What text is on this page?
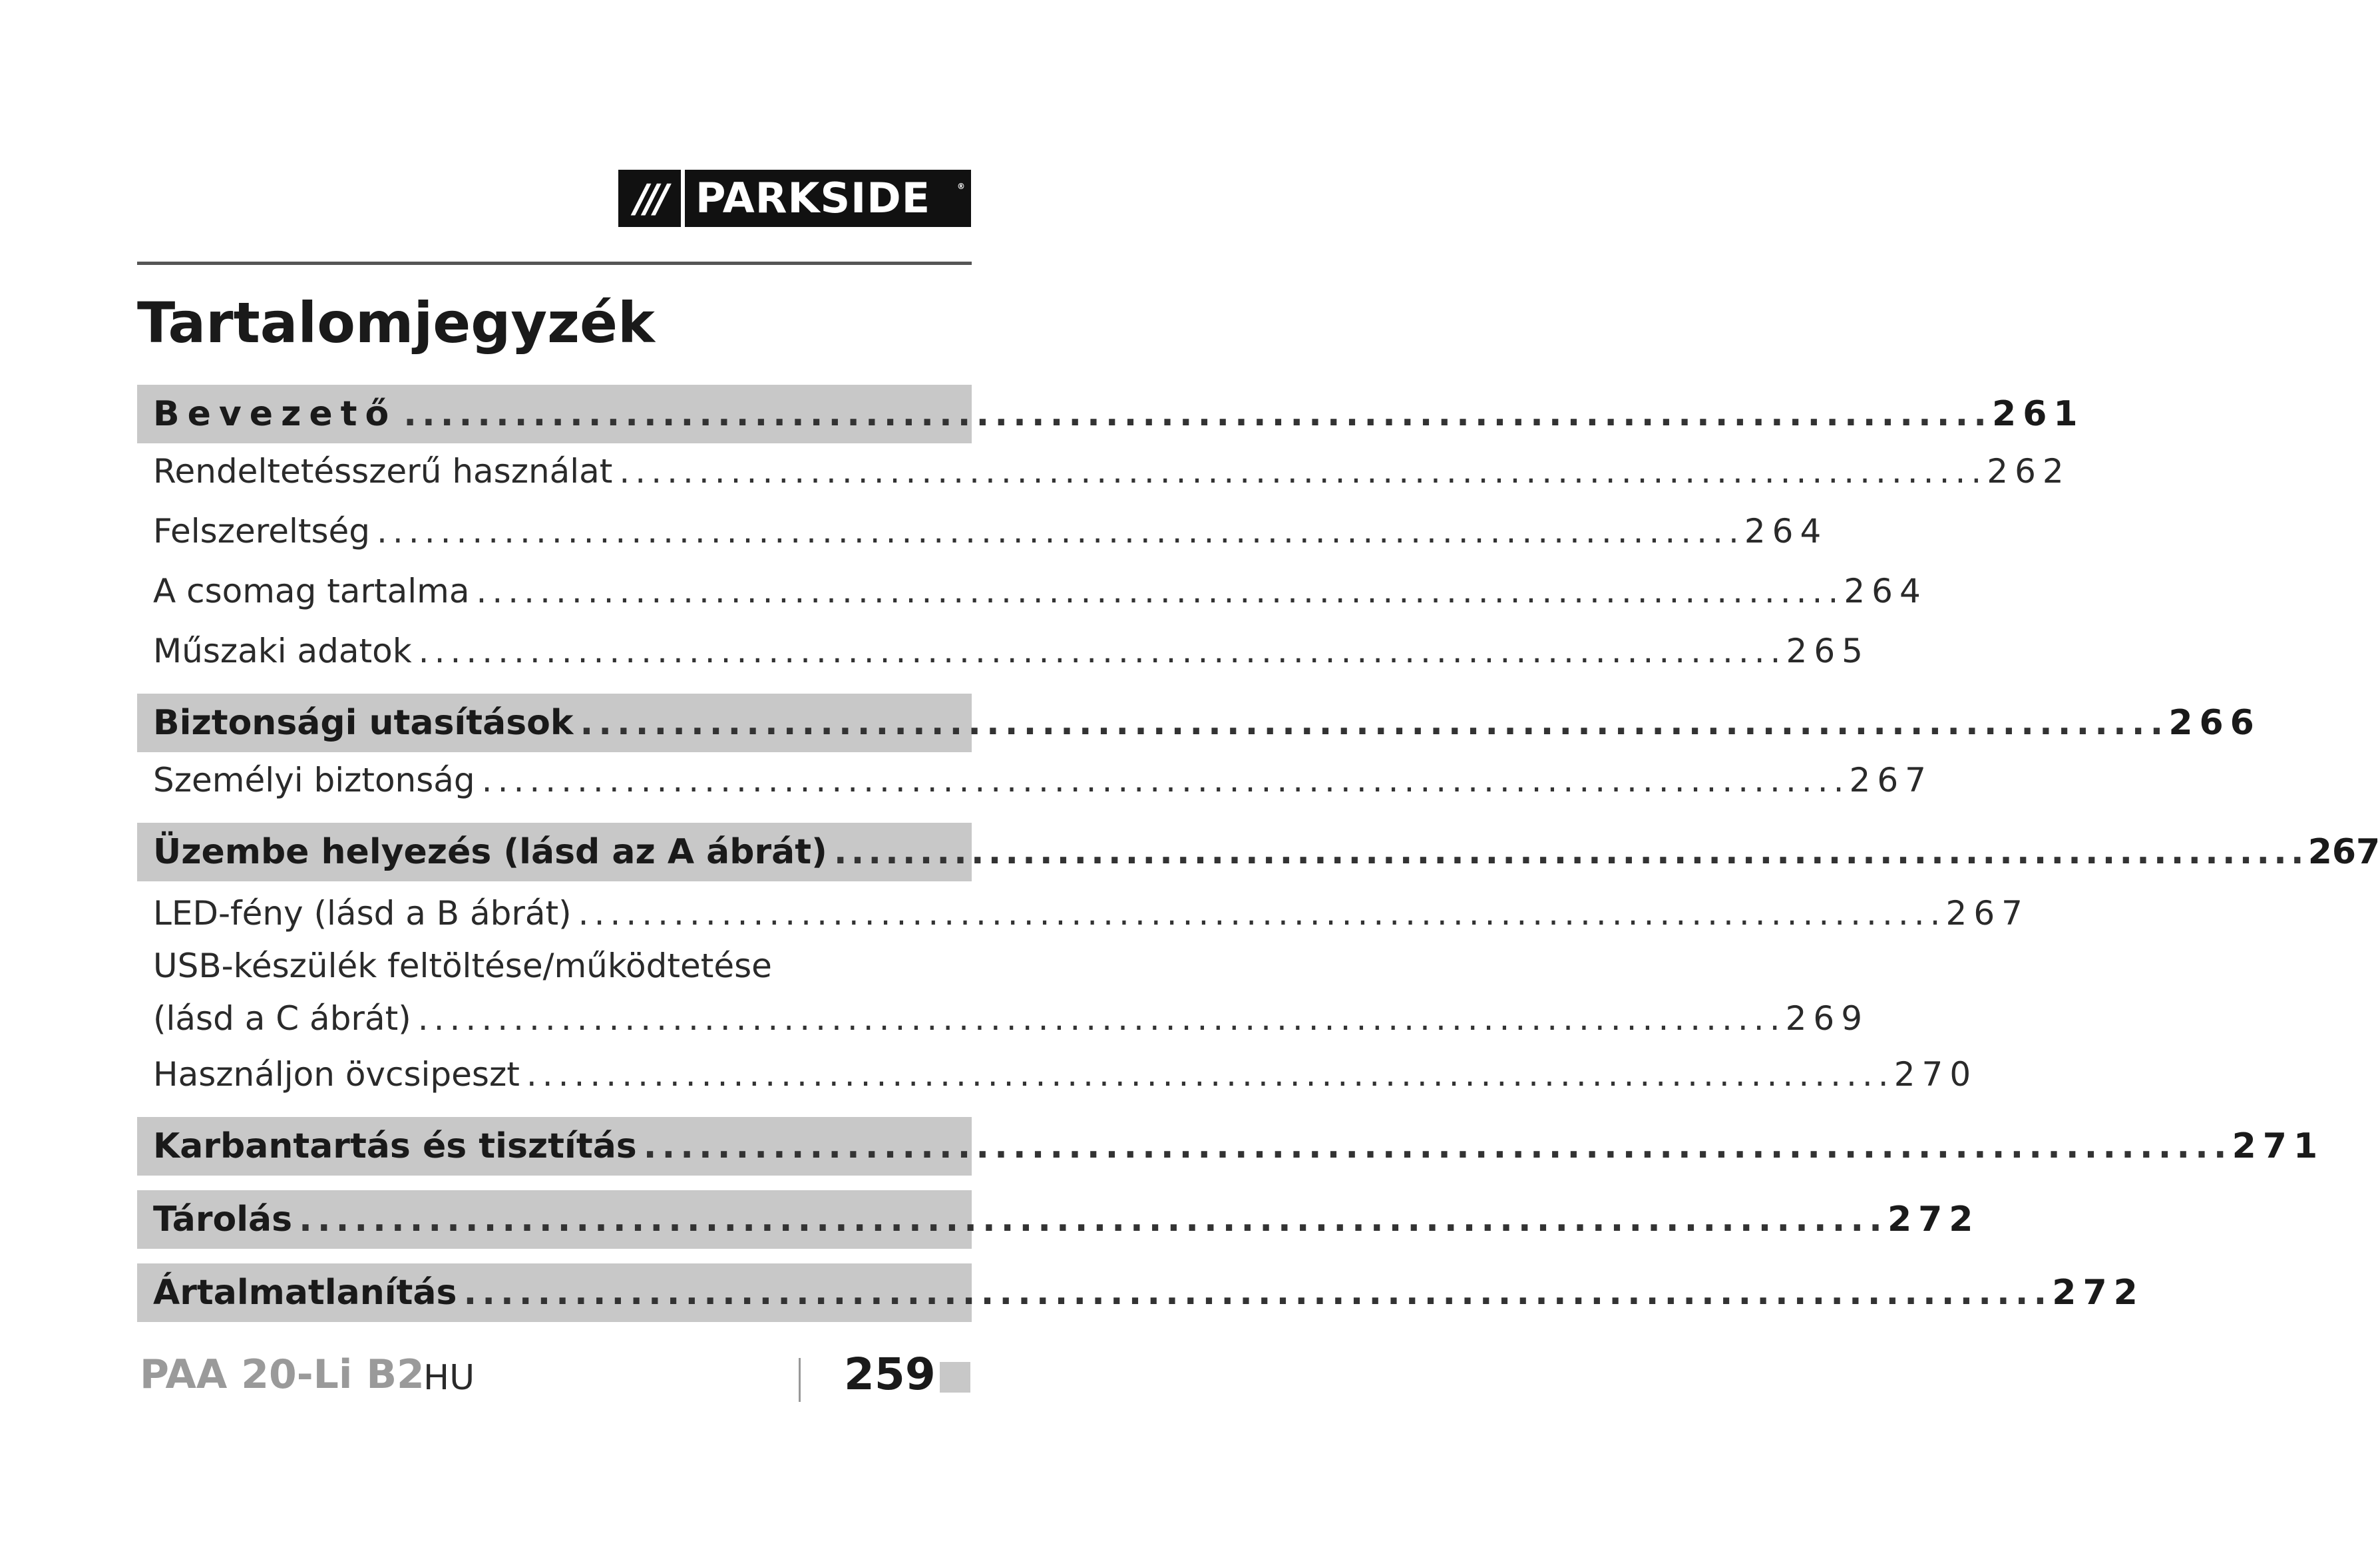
/// PARKSIDE	®
Tartalomjegyzék
Bevezető ...................................................................................... 261
Rendeltetésszerű használat ...................................................................................... 262
Felszereltség ...................................................................................... 264
A csomag tartalma ...................................................................................... 264
Műszaki adatok ...................................................................................... 265
Biztonsági utasítások ...................................................................................... 266
Személyi biztonság ...................................................................................... 267
Üzembe helyezés (lásd az A ábrát) ...................................................................................... 267
LED-fény (lásd a B ábrát) ...................................................................................... 267
USB-készülék feltöltése/működtetése
(lásd a C ábrát) ...................................................................................... 269
Használjon övcsipeszt ...................................................................................... 270
Karbantartás és tisztítás ...................................................................................... 271
Tárolás ...................................................................................... 272
Ártalmatlanítás ...................................................................................... 272
PAA 20-Li B2
HU	259
